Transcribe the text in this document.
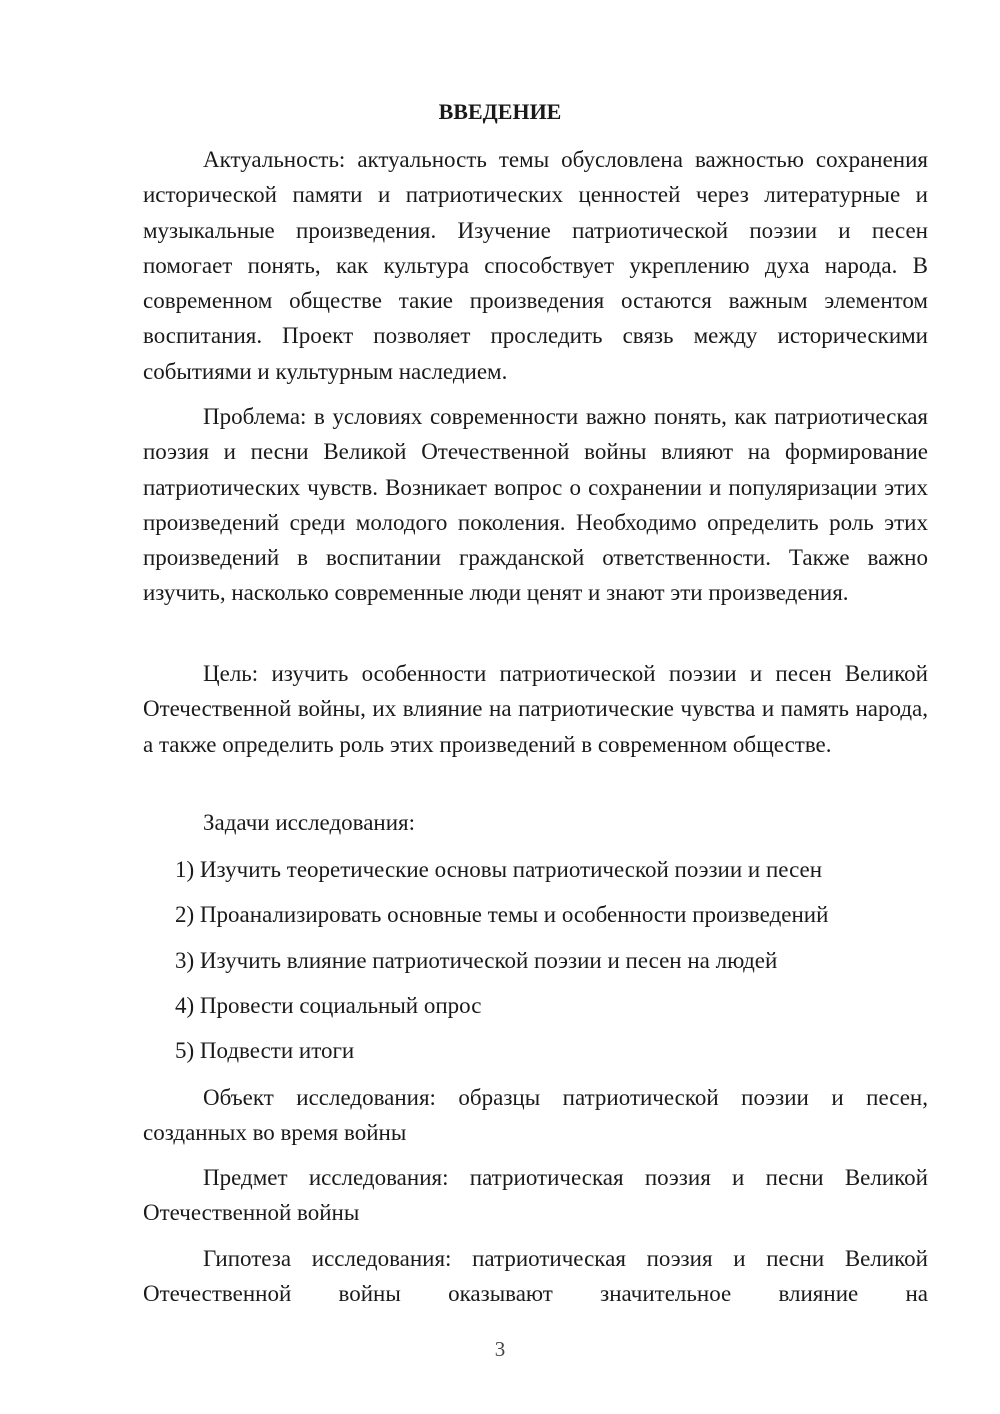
ВВЕДЕНИЕ

Актуальность: актуальность темы обусловлена важностью сохранения исторической памяти и патриотических ценностей через литературные и музыкальные произведения. Изучение патриотической поэзии и песен помогает понять, как культура способствует укреплению духа народа. В современном обществе такие произведения остаются важным элементом воспитания. Проект позволяет проследить связь между историческими событиями и культурным наследием.

Проблема: в условиях современности важно понять, как патриотическая поэзия и песни Великой Отечественной войны влияют на формирование патриотических чувств. Возникает вопрос о сохранении и популяризации этих произведений среди молодого поколения. Необходимо определить роль этих произведений в воспитании гражданской ответственности. Также важно изучить, насколько современные люди ценят и знают эти произведения.

Цель: изучить особенности патриотической поэзии и песен Великой Отечественной войны, их влияние на патриотические чувства и память народа, а также определить роль этих произведений в современном обществе.

Задачи исследования:

1) Изучить теоретические основы патриотической поэзии и песен

2) Проанализировать основные темы и особенности произведений

3) Изучить влияние патриотической поэзии и песен на людей

4) Провести социальный опрос

5) Подвести итоги

Объект исследования: образцы патриотической поэзии и песен, созданных во время войны

Предмет исследования: патриотическая поэзия и песни Великой Отечественной войны

Гипотеза исследования: патриотическая поэзия и песни Великой Отечественной войны оказывают значительное влияние на

3
